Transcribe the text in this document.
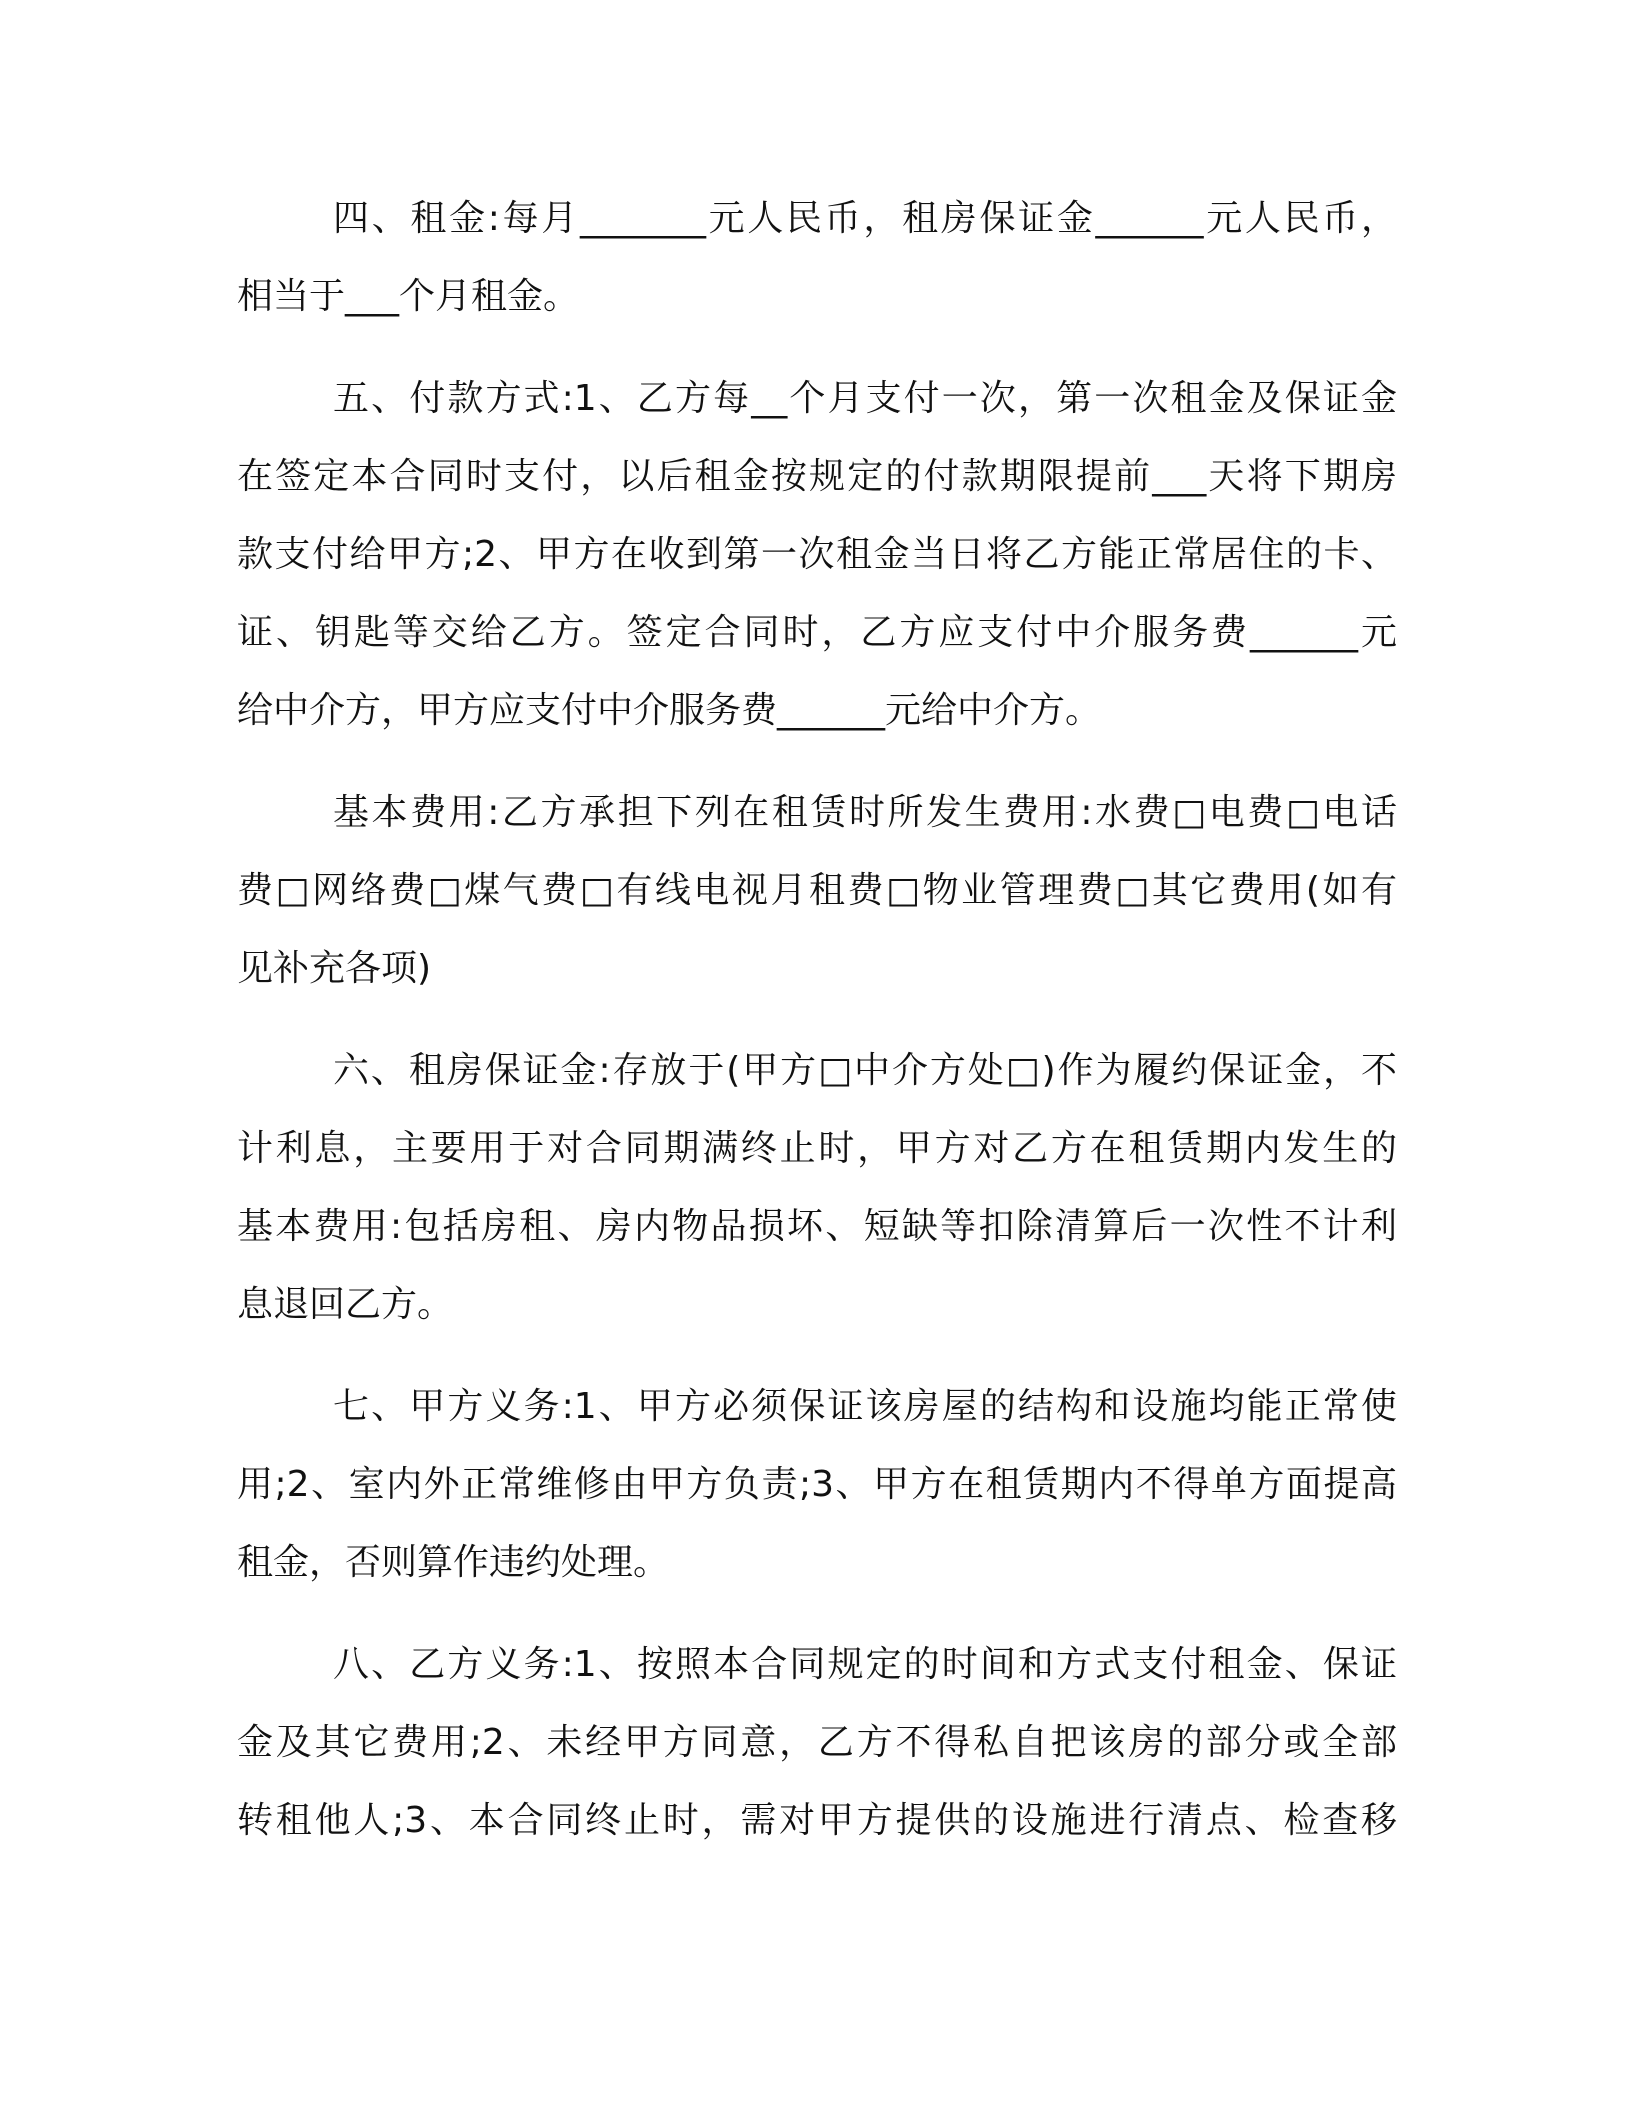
四、租金:每月_______元人民币，租房保证金______元人民币，
相当于___个月租金。
五、付款方式:1、乙方每__个月支付一次，第一次租金及保证金
在签定本合同时支付，以后租金按规定的付款期限提前___天将下期房
款支付给甲方;2、甲方在收到第一次租金当日将乙方能正常居住的卡、
证、钥匙等交给乙方。签定合同时，乙方应支付中介服务费______元
给中介方，甲方应支付中介服务费______元给中介方。
基本费用:乙方承担下列在租赁时所发生费用:水费□电费□电话
费□网络费□煤气费□有线电视月租费□物业管理费□其它费用(如有
见补充各项)
六、租房保证金:存放于(甲方□中介方处□)作为履约保证金，不
计利息，主要用于对合同期满终止时，甲方对乙方在租赁期内发生的
基本费用:包括房租、房内物品损坏、短缺等扣除清算后一次性不计利
息退回乙方。
七、甲方义务:1、甲方必须保证该房屋的结构和设施均能正常使
用;2、室内外正常维修由甲方负责;3、甲方在租赁期内不得单方面提高
租金，否则算作违约处理。
八、乙方义务:1、按照本合同规定的时间和方式支付租金、保证
金及其它费用;2、未经甲方同意，乙方不得私自把该房的部分或全部
转租他人;3、本合同终止时，需对甲方提供的设施进行清点、检查移
